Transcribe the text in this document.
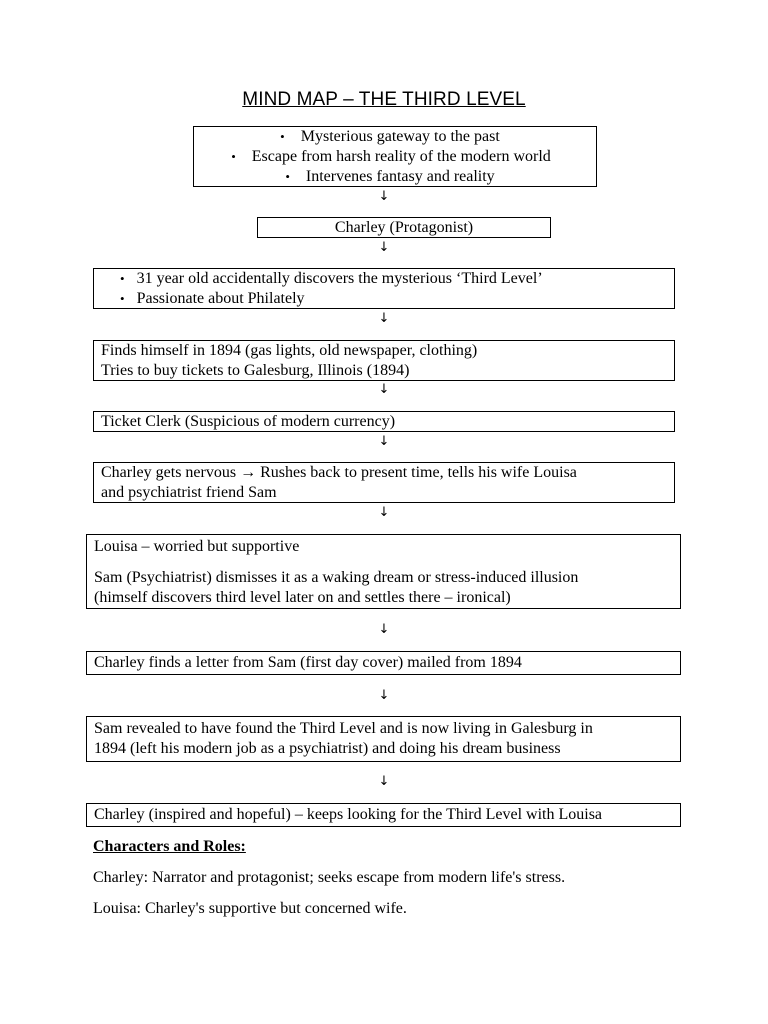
MIND MAP – THE THIRD LEVEL
• Mysterious gateway to the past
• Escape from harsh reality of the modern world
• Intervenes fantasy and reality
↓
Charley (Protagonist)
↓
• 31 year old accidentally discovers the mysterious ‘Third Level’
• Passionate about Philately
↓
Finds himself in 1894 (gas lights, old newspaper, clothing)
Tries to buy tickets to Galesburg, Illinois (1894)
↓
Ticket Clerk (Suspicious of modern currency)
↓
Charley gets nervous → Rushes back to present time, tells his wife Louisa
and psychiatrist friend Sam
↓
Louisa – worried but supportive
Sam (Psychiatrist) dismisses it as a waking dream or stress-induced illusion
(himself discovers third level later on and settles there – ironical)
↓
Charley finds a letter from Sam (first day cover) mailed from 1894
↓
Sam revealed to have found the Third Level and is now living in Galesburg in
1894 (left his modern job as a psychiatrist) and doing his dream business
↓
Charley (inspired and hopeful) – keeps looking for the Third Level with Louisa
Characters and Roles:
Charley: Narrator and protagonist; seeks escape from modern life's stress.
Louisa: Charley's supportive but concerned wife.
